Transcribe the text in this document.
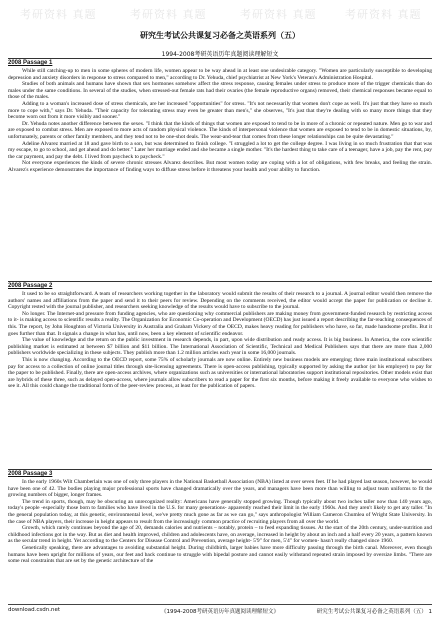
考研资料 真题	考研资料 真题	考研资料 真题	考研资料 真题
研究生考试公共课复习必备之英语系列（五）
1994-2008考研英语历年真题阅读理解短文
2008 Passage 1

While still catching-up to men in some spheres of modern life, women appear to be way ahead in at least one undesirable category. "Women are particularly susceptible to developing depression and anxiety disorders in response to stress compared to men," according to Dr. Yehuda, chief psychiatrist at New York's Veteran's Administration Hospital.

Studies of both animals and humans have shown that sex hormones somehow affect the stress response, causing females under stress to produce more of the trigger chemicals than do males under the same conditions. In several of the studies, when stressed-out female rats had their ovaries (the female reproductive organs) removed, their chemical responses became equal to those of the males.

Adding to a woman's increased dose of stress chemicals, are her increased "opportunities" for stress. "It's not necessarily that women don't cope as well. It's just that they have so much more to cope with," says Dr. Yehuda. "Their capacity for tolerating stress may even be greater than men's," she observes, "It's just that they're dealing with so many more things that they become worn out from it more visibly and sooner."

Dr. Yehuda notes another difference between the sexes. "I think that the kinds of things that women are exposed to tend to be in more of a chronic or repeated nature. Men go to war and are exposed to combat stress. Men are exposed to more acts of random physical violence. The kinds of interpersonal violence that women are exposed to tend to be in domestic situations, by, unfortunately, parents or other family members, and they tend not to be one-shot deals. The wear-and-tear that comes from these longer relationships can be quite devastating."

Adeline Alvarez married at 18 and gave birth to a son, but was determined to finish college. "I struggled a lot to get the college degree. I was living in so much frustration that that was my escape, to go to school, and get ahead and do better." Later her marriage ended and she became a single mother. "It's the hardest thing to take care of a teenager, have a job, pay the rent, pay the car payment, and pay the debt. I lived from paycheck to paycheck."

Not everyone experiences the kinds of severe chronic stresses Alvarez describes. But most women today are coping with a lot of obligations, with few breaks, and feeling the strain. Alvarez's experience demonstrates the importance of finding ways to diffuse stress before it threatens your health and your ability to function.

2008 Passage 2

It used to be so straightforward. A team of researchers working together in the laboratory would submit the results of their research to a journal. A journal editor would then remove the authors' names and affiliations from the paper and send it to their peers for review. Depending on the comments received, the editor would accept the paper for publication or decline it. Copyright rested with the journal publisher, and researchers seeking knowledge of the results would have to subscribe to the journal.

No longer. The Internet-and pressure from funding agencies, who are questioning why commercial publishers are making money from government-funded research by restricting access to it- is making access to scientific results a reality. The Organization for Economic Co-operation and Development (OECD) has just issued a report describing the far-reaching consequences of this. The report, by John Houghton of Victoria University in Australia and Graham Vickery of the OECD, makes heavy reading for publishers who have, so far, made handsome profits. But it goes further than that. It signals a change in what has, until now, been a key element of scientific endeavor.

The value of knowledge and the return on the public investment in research depends, in part, upon wide distribution and ready access. It is big business. In America, the core scientific publishing market is estimated at between $7 billion and $11 billion. The International Association of Scientific, Technical and Medical Publishers says that there are more than 2,000 publishers worldwide specializing in these subjects. They publish more than 1.2 million articles each year in some 16,000 journals.

This is now changing. According to the OECD report, some 75% of scholarly journals are now online. Entirely new business models are emerging; three main institutional subscribers pay for access to a collection of online journal titles through site-licensing agreements. There is open-access publishing, typically supported by asking the author (or his employer) to pay for the paper to be published. Finally, there are open-access archives, where organizations such as universities or international laboratories support institutional repositories. Other models exist that are hybrids of these three, such as delayed open-access, where journals allow subscribers to read a paper for the first six months, before making it freely available to everyone who wishes to see it. All this could change the traditional form of the peer-review process, at least for the publication of papers.

2008 Passage 3

In the early 1960s Wilt Chamberlain was one of only three players in the National Basketball Association (NBA) listed at over seven feet. If he had played last season, however, he would have been one of 42. The bodies playing major professional sports have changed dramatically over the years, and managers have been more than willing to adjust team uniforms to fit the growing numbers of bigger, longer frames.

The trend in sports, though, may be obscuring an unrecognized reality: Americans have generally stopped growing. Though typically about two inches taller now than 140 years ago, today's people -especially those born to families who have lived in the U.S. for many generations- apparently reached their limit in the early 1960s. And they aren't likely to get any taller. "In the general population today, at this genetic, environmental level, we've pretty much gone as far as we can go," says anthropologist William Cameron Chumlea of Wright State University. In the case of NBA players, their increase in height appears to result from the increasingly common practice of recruiting players from all over the world.

Growth, which rarely continues beyond the age of 20, demands calories and nutrients – notably, protein – to feed expanding tissues. At the start of the 20th century, under-nutrition and childhood infections got in the way. But as diet and health improved, children and adolescents have, on average, increased in height by about an inch and a half every 20 years, a pattern known as the secular trend in height. Yet according to the Centers for Disease Control and Prevention, average height- 5'9" for men, 5'4" for women- hasn't really changed since 1960.

Genetically speaking, there are advantages to avoiding substantial height. During childbirth, larger babies have more difficulty passing through the birth canal. Moreover, even though humans have been upright for millions of years, our feet and back continue to struggle with bipedal posture and cannot easily withstand repeated strain imposed by oversize limbs. "There are some real constraints that are set by the genetic architecture of the

download.csdn.net	《1994-2008考研英语历年真题阅读理解短文》	研究生考试公共课复习必备之英语系列（五） 1
